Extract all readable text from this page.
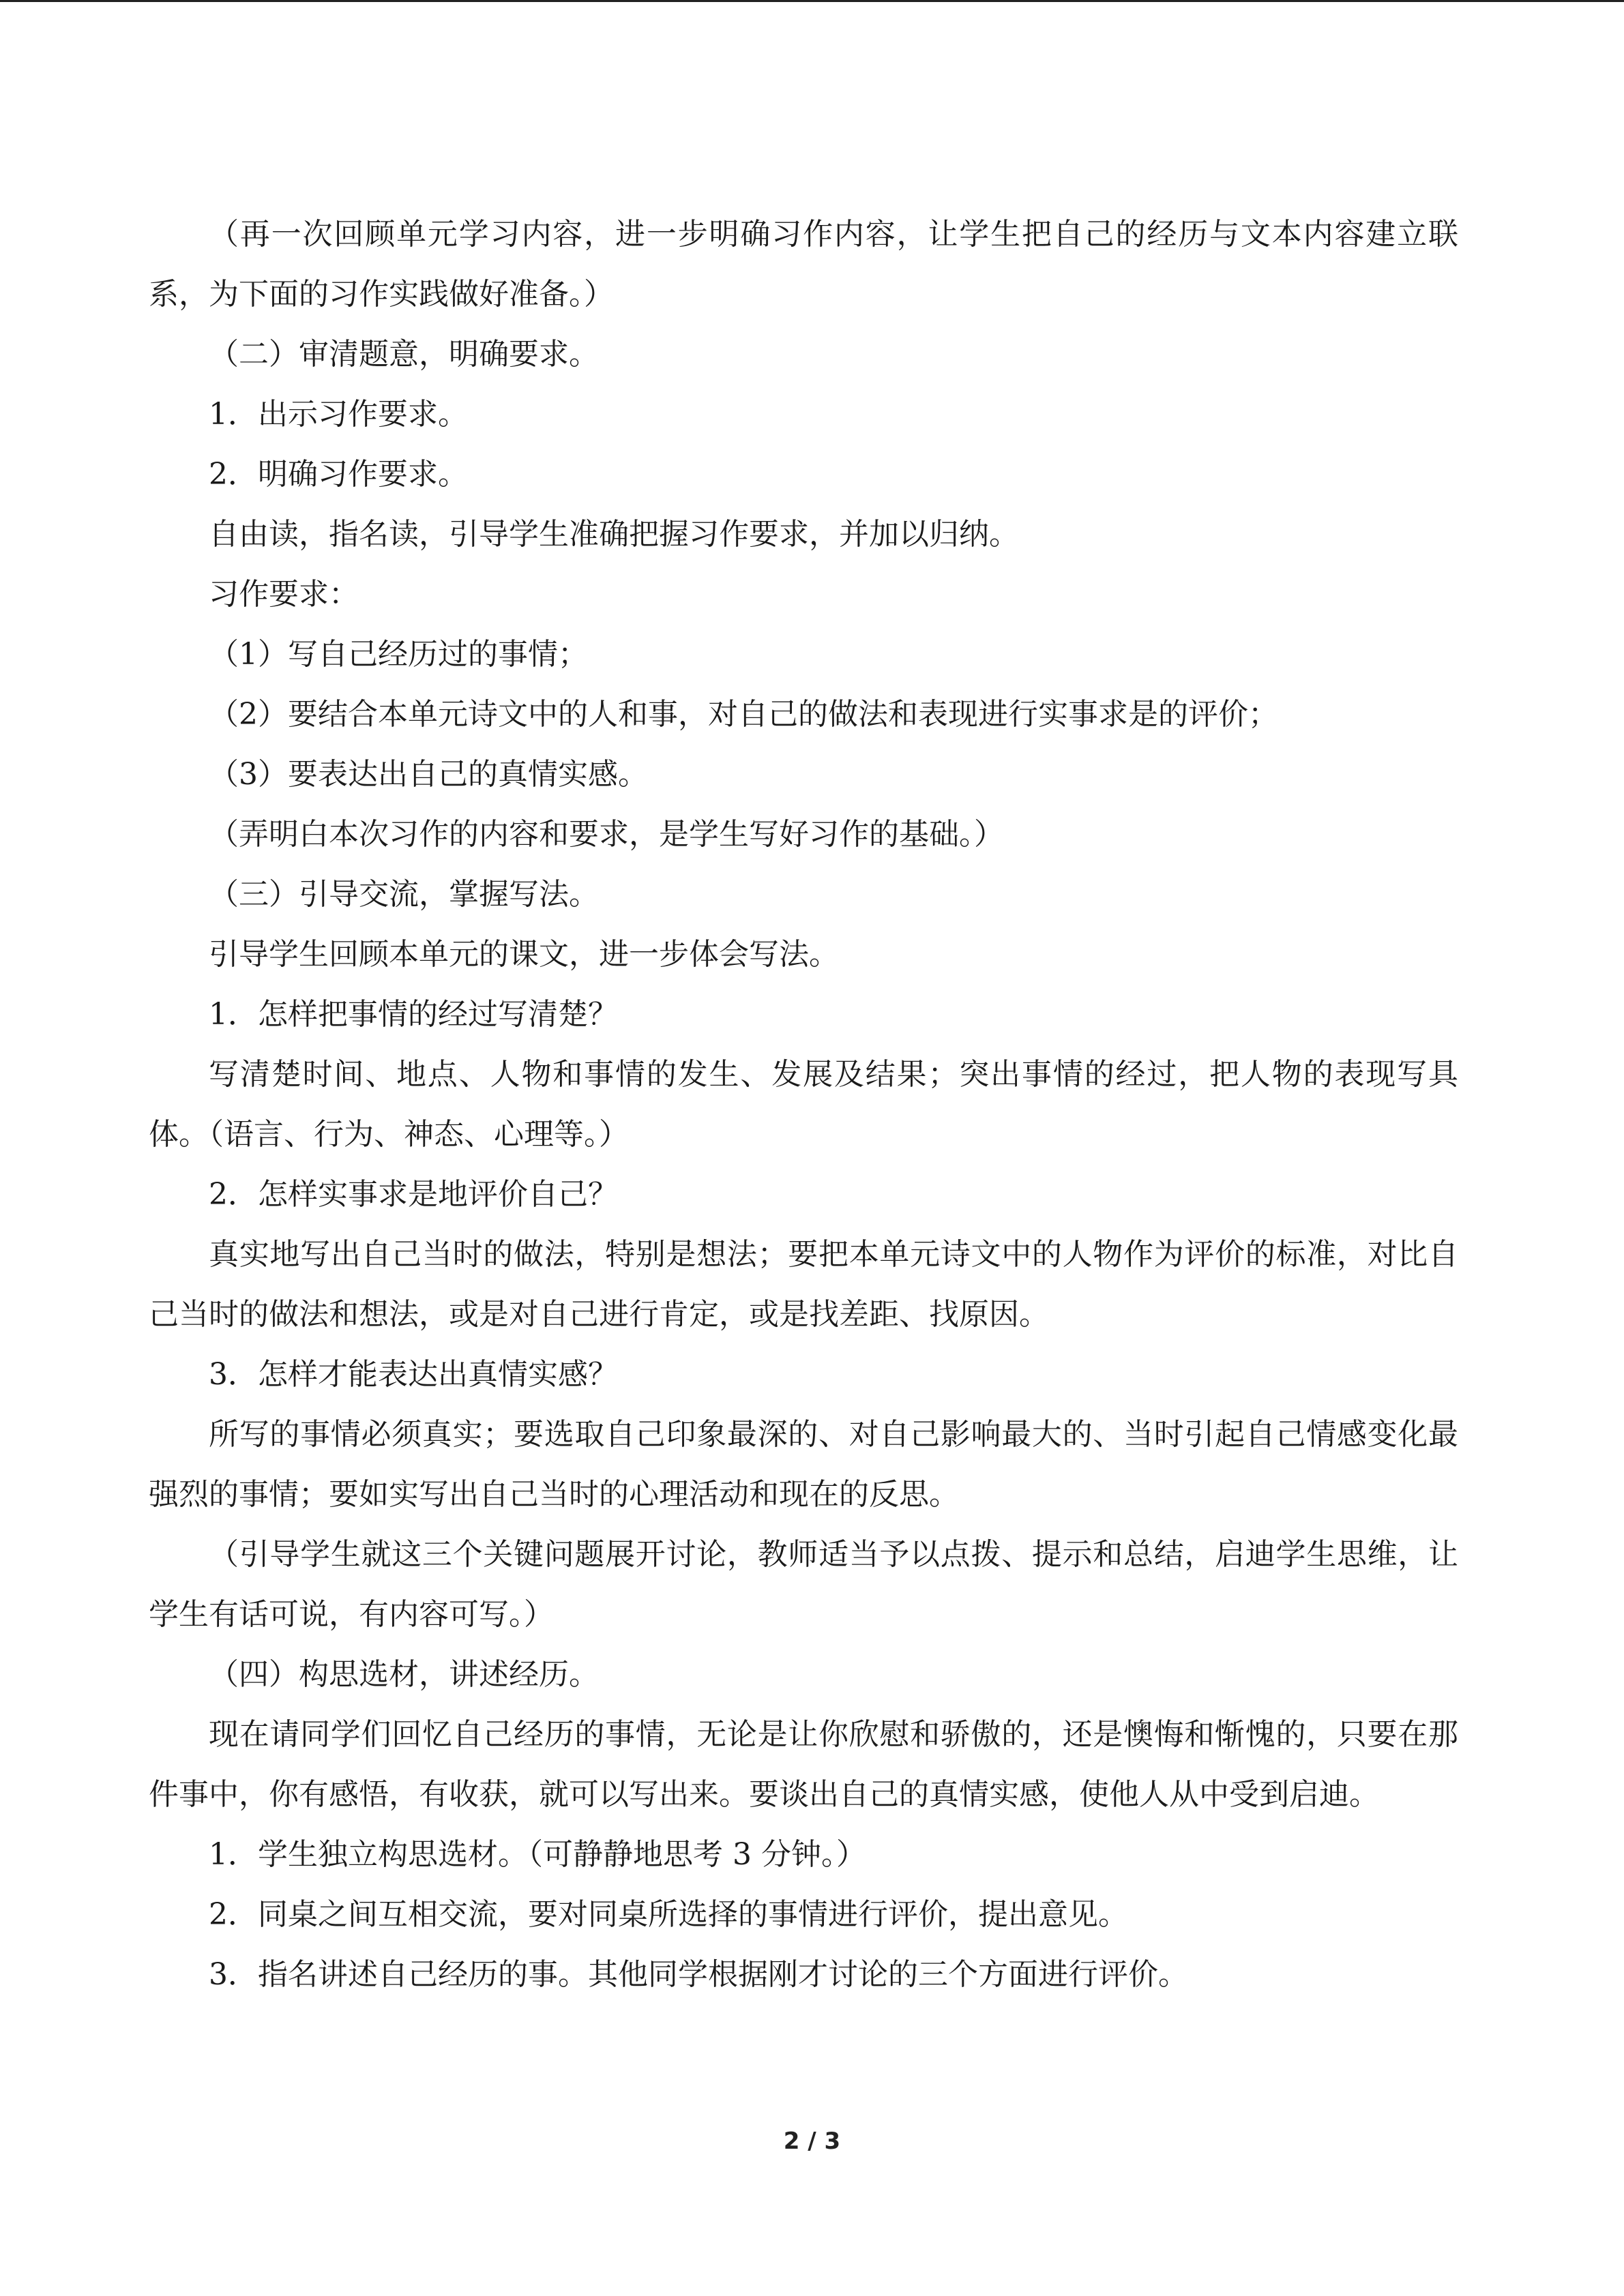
（再一次回顾单元学习内容，进一步明确习作内容，让学生把自己的经历与文本内容建立联系，为下面的习作实践做好准备。）

（二）审清题意，明确要求。

1．出示习作要求。

2．明确习作要求。

自由读，指名读，引导学生准确把握习作要求，并加以归纳。

习作要求：

（1）写自己经历过的事情；

（2）要结合本单元诗文中的人和事，对自己的做法和表现进行实事求是的评价；

（3）要表达出自己的真情实感。

（弄明白本次习作的内容和要求，是学生写好习作的基础。）

（三）引导交流，掌握写法。

引导学生回顾本单元的课文，进一步体会写法。

1．怎样把事情的经过写清楚？

写清楚时间、地点、人物和事情的发生、发展及结果；突出事情的经过，把人物的表现写具体。（语言、行为、神态、心理等。）

2．怎样实事求是地评价自己？

真实地写出自己当时的做法，特别是想法；要把本单元诗文中的人物作为评价的标准，对比自己当时的做法和想法，或是对自己进行肯定，或是找差距、找原因。

3．怎样才能表达出真情实感？

所写的事情必须真实；要选取自己印象最深的、对自己影响最大的、当时引起自己情感变化最强烈的事情；要如实写出自己当时的心理活动和现在的反思。

（引导学生就这三个关键问题展开讨论，教师适当予以点拨、提示和总结，启迪学生思维，让学生有话可说，有内容可写。）

（四）构思选材，讲述经历。

现在请同学们回忆自己经历的事情，无论是让你欣慰和骄傲的，还是懊悔和惭愧的，只要在那件事中，你有感悟，有收获，就可以写出来。要谈出自己的真情实感，使他人从中受到启迪。

1．学生独立构思选材。（可静静地思考 3 分钟。）

2．同桌之间互相交流，要对同桌所选择的事情进行评价，提出意见。

3．指名讲述自己经历的事。其他同学根据刚才讨论的三个方面进行评价。

2 / 3
